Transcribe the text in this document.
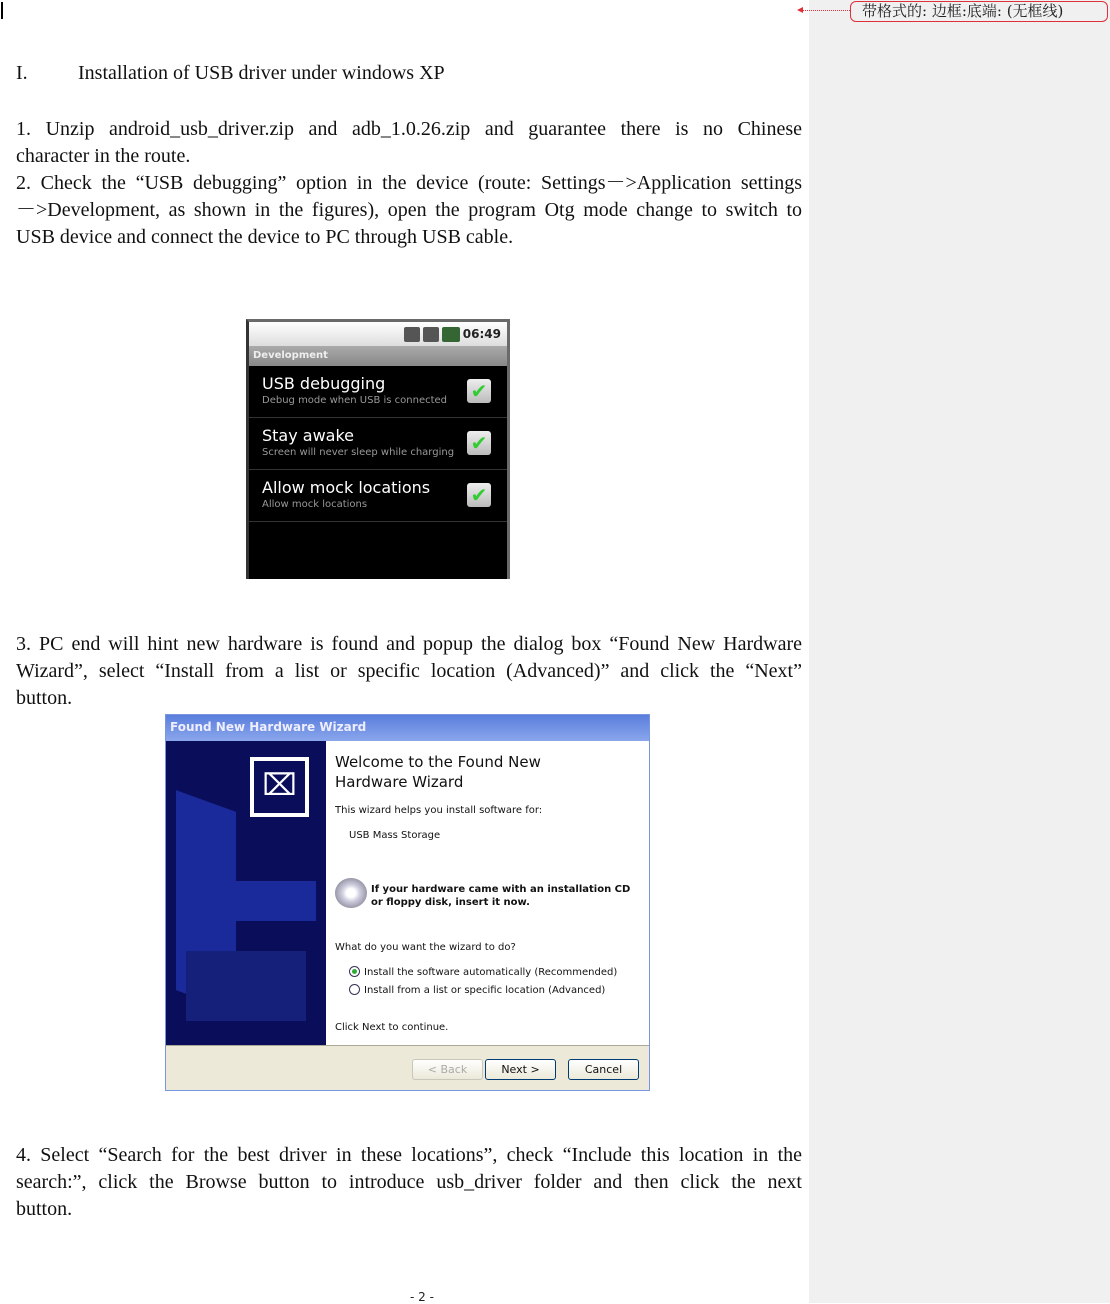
带格式的: 边框:底端: (无框线)
I.	Installation of USB driver under windows XP
1. Unzip android_usb_driver.zip and adb_1.0.26.zip and guarantee there is no Chinese
character in the route.
2. Check the “USB debugging” option in the device (route: Settings－>Application settings
－>Development, as shown in the figures), open the program Otg mode change to switch to
USB device and connect the device to PC through USB cable.
06:49
Development
USB debugging
Debug mode when USB is connected	✔
Stay awake
Screen will never sleep while charging ✔
Allow mock locations
Allow mock locations	✔
3. PC end will hint new hardware is found and popup the dialog box “Found New Hardware
Wizard”, select “Install from a list or specific location (Advanced)” and click the “Next”
button.
Found New Hardware Wizard
⌧
Welcome to the Found New
Hardware Wizard
This wizard helps you install software for:
USB Mass Storage
If your hardware came with an installation CD
or floppy disk, insert it now.
What do you want the wizard to do?
Install the software automatically (Recommended)
Install from a list or specific location (Advanced)
Click Next to continue.
< Back	Next >	Cancel
4. Select “Search for the best driver in these locations”, check “Include this location in the
search:”, click the Browse button to introduce usb_driver folder and then click the next
button.
- 2 -
